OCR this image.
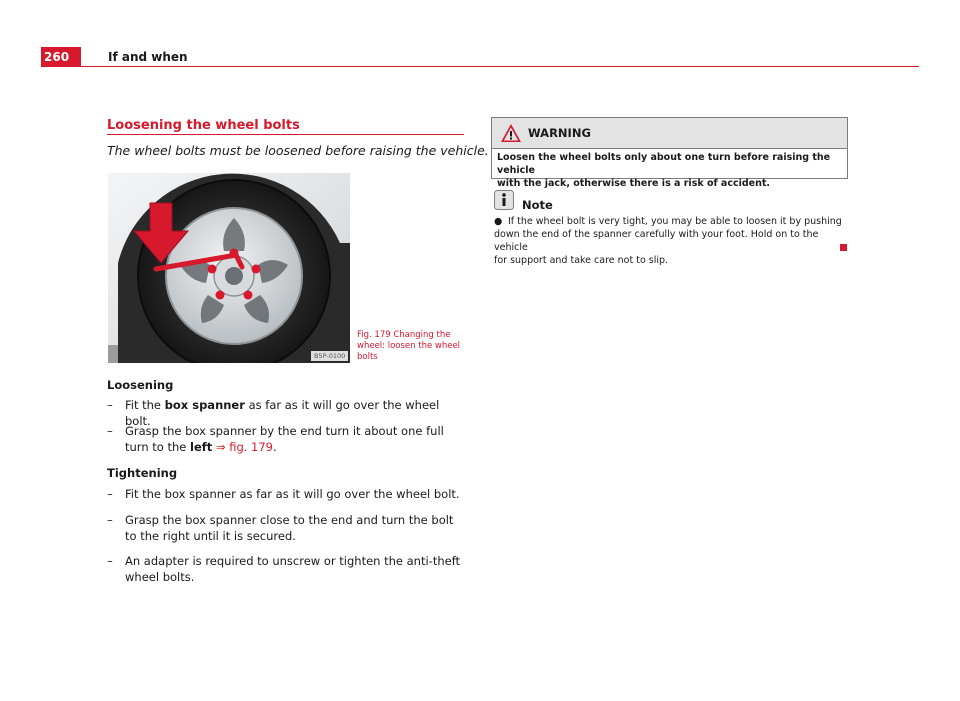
260	If and when
Loosening the wheel bolts
The wheel bolts must be loosened before raising the vehicle.
B5P-0100
Fig. 179 Changing the
wheel: loosen the wheel
bolts
Loosening
– Fit the box spanner as far as it will go over the wheel bolt.
– Grasp the box spanner by the end turn it about one full turn to the left ⇒ fig. 179.
Tightening
– Fit the box spanner as far as it will go over the wheel bolt.
– Grasp the box spanner close to the end and turn the bolt to the right until it is secured.
– An adapter is required to unscrew or tighten the anti-theft wheel bolts.
WARNING
Loosen the wheel bolts only about one turn before raising the vehicle
with the jack, otherwise there is a risk of accident.
Note
● If the wheel bolt is very tight, you may be able to loosen it by pushing
down the end of the spanner carefully with your foot. Hold on to the vehicle
for support and take care not to slip.
